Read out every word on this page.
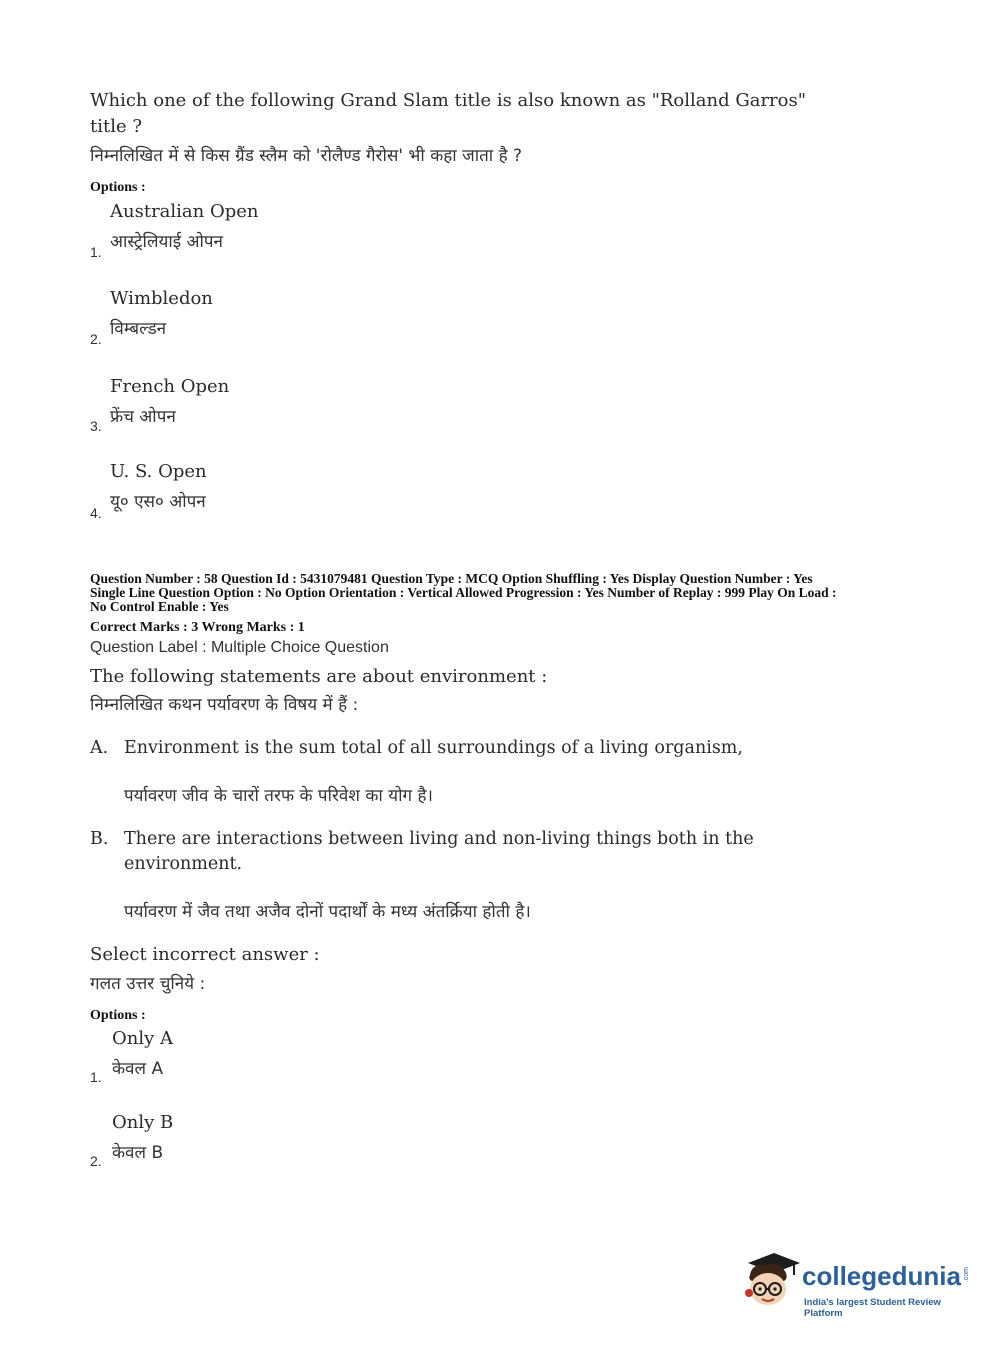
Which one of the following Grand Slam title is also known as "Rolland Garros"
title ?
निम्नलिखित में से किस ग्रैंड स्लैम को 'रोलैण्ड गैरोस' भी कहा जाता है ?
Options :
Australian Open
आस्ट्रेलियाई ओपन
1.
Wimbledon
विम्बल्डन
2.
French Open
फ्रेंच ओपन
3.
U. S. Open
यू० एस० ओपन
4.
Question Number : 58 Question Id : 5431079481 Question Type : MCQ Option Shuffling : Yes Display Question Number : Yes
Single Line Question Option : No Option Orientation : Vertical Allowed Progression : Yes Number of Replay : 999 Play On Load :
No Control Enable : Yes
Correct Marks : 3 Wrong Marks : 1
Question Label : Multiple Choice Question
The following statements are about environment :
निम्नलिखित कथन पर्यावरण के विषय में हैं :
A. Environment is the sum total of all surroundings of a living organism,
पर्यावरण जीव के चारों तरफ के परिवेश का योग है।
B. There are interactions between living and non-living things both in the
environment.
पर्यावरण में जैव तथा अजैव दोनों पदार्थों के मध्य अंतर्क्रिया होती है।
Select incorrect answer :
गलत उत्तर चुनिये :
Options :
Only A
केवल A
1.
Only B
केवल B
2.
collegedunia .com
India's largest Student Review Platform
